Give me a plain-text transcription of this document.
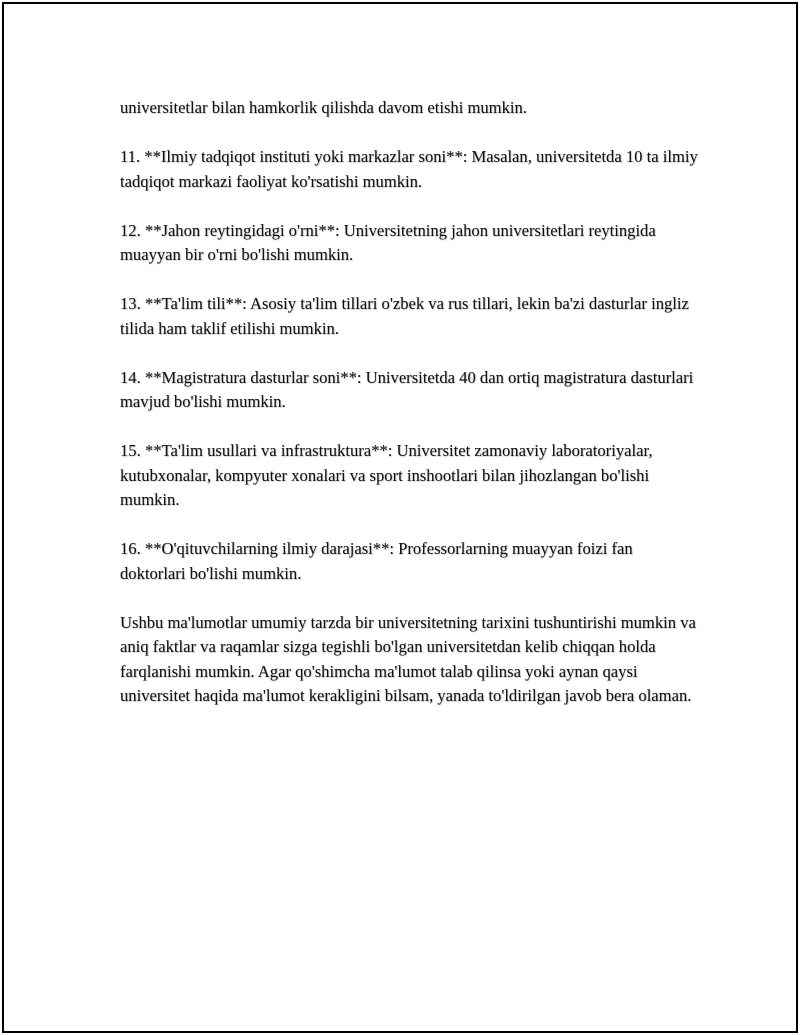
universitetlar bilan hamkorlik qilishda davom etishi mumkin.

11. **Ilmiy tadqiqot instituti yoki markazlar soni**: Masalan, universitetda 10 ta ilmiy tadqiqot markazi faoliyat ko'rsatishi mumkin.

12. **Jahon reytingidagi o'rni**: Universitetning jahon universitetlari reytingida muayyan bir o'rni bo'lishi mumkin.

13. **Ta'lim tili**: Asosiy ta'lim tillari o'zbek va rus tillari, lekin ba'zi dasturlar ingliz tilida ham taklif etilishi mumkin.

14. **Magistratura dasturlar soni**: Universitetda 40 dan ortiq magistratura dasturlari mavjud bo'lishi mumkin.

15. **Ta'lim usullari va infrastruktura**: Universitet zamonaviy laboratoriyalar, kutubxonalar, kompyuter xonalari va sport inshootlari bilan jihozlangan bo'lishi mumkin.

16. **O'qituvchilarning ilmiy darajasi**: Professorlarning muayyan foizi fan doktorlari bo'lishi mumkin.

Ushbu ma'lumotlar umumiy tarzda bir universitetning tarixini tushuntirishi mumkin va aniq faktlar va raqamlar sizga tegishli bo'lgan universitetdan kelib chiqqan holda farqlanishi mumkin. Agar qo'shimcha ma'lumot talab qilinsa yoki aynan qaysi universitet haqida ma'lumot kerakligini bilsam, yanada to'ldirilgan javob bera olaman.
